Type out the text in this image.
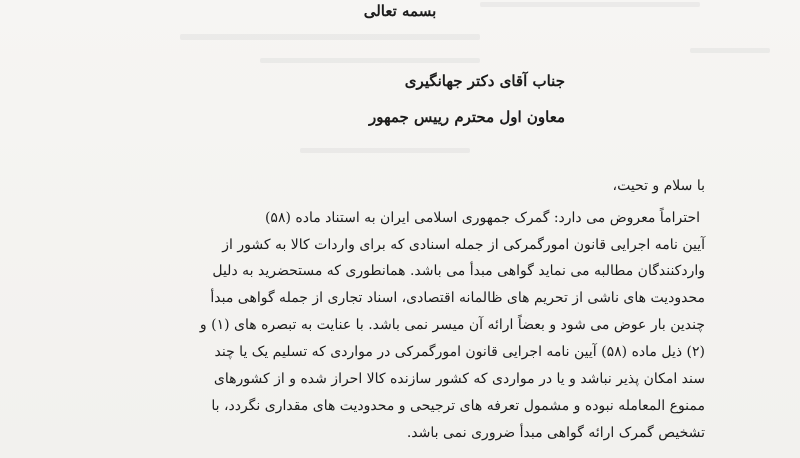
بسمه تعالی
جناب آقای دکتر جهانگیری
معاون اول محترم رییس جمهور
با سلام و تحیت،
احتراماً معروض می دارد: گمرک جمهوری اسلامی ایران به استناد ماده (۵۸)
آیین نامه اجرایی قانون امورگمرکی از جمله اسنادی که برای واردات کالا به کشور از
واردکنندگان مطالبه می نماید گواهی مبدأ می باشد. همانطوری که مستحضرید به دلیل
محدودیت های ناشی از تحریم های ظالمانه اقتصادی، اسناد تجاری از جمله گواهی مبدأ
چندین بار عوض می شود و بعضاً ارائه آن میسر نمی باشد. با عنایت به تبصره های (۱) و
(۲) ذیل ماده (۵۸) آیین نامه اجرایی قانون امورگمرکی در مواردی که تسلیم یک یا چند
سند امکان پذیر نباشد و یا در مواردی که کشور سازنده کالا احراز شده و از کشورهای
ممنوع المعامله نبوده و مشمول تعرفه های ترجیحی و محدودیت های مقداری نگردد، با
تشخیص گمرک ارائه گواهی مبدأ ضروری نمی باشد.
